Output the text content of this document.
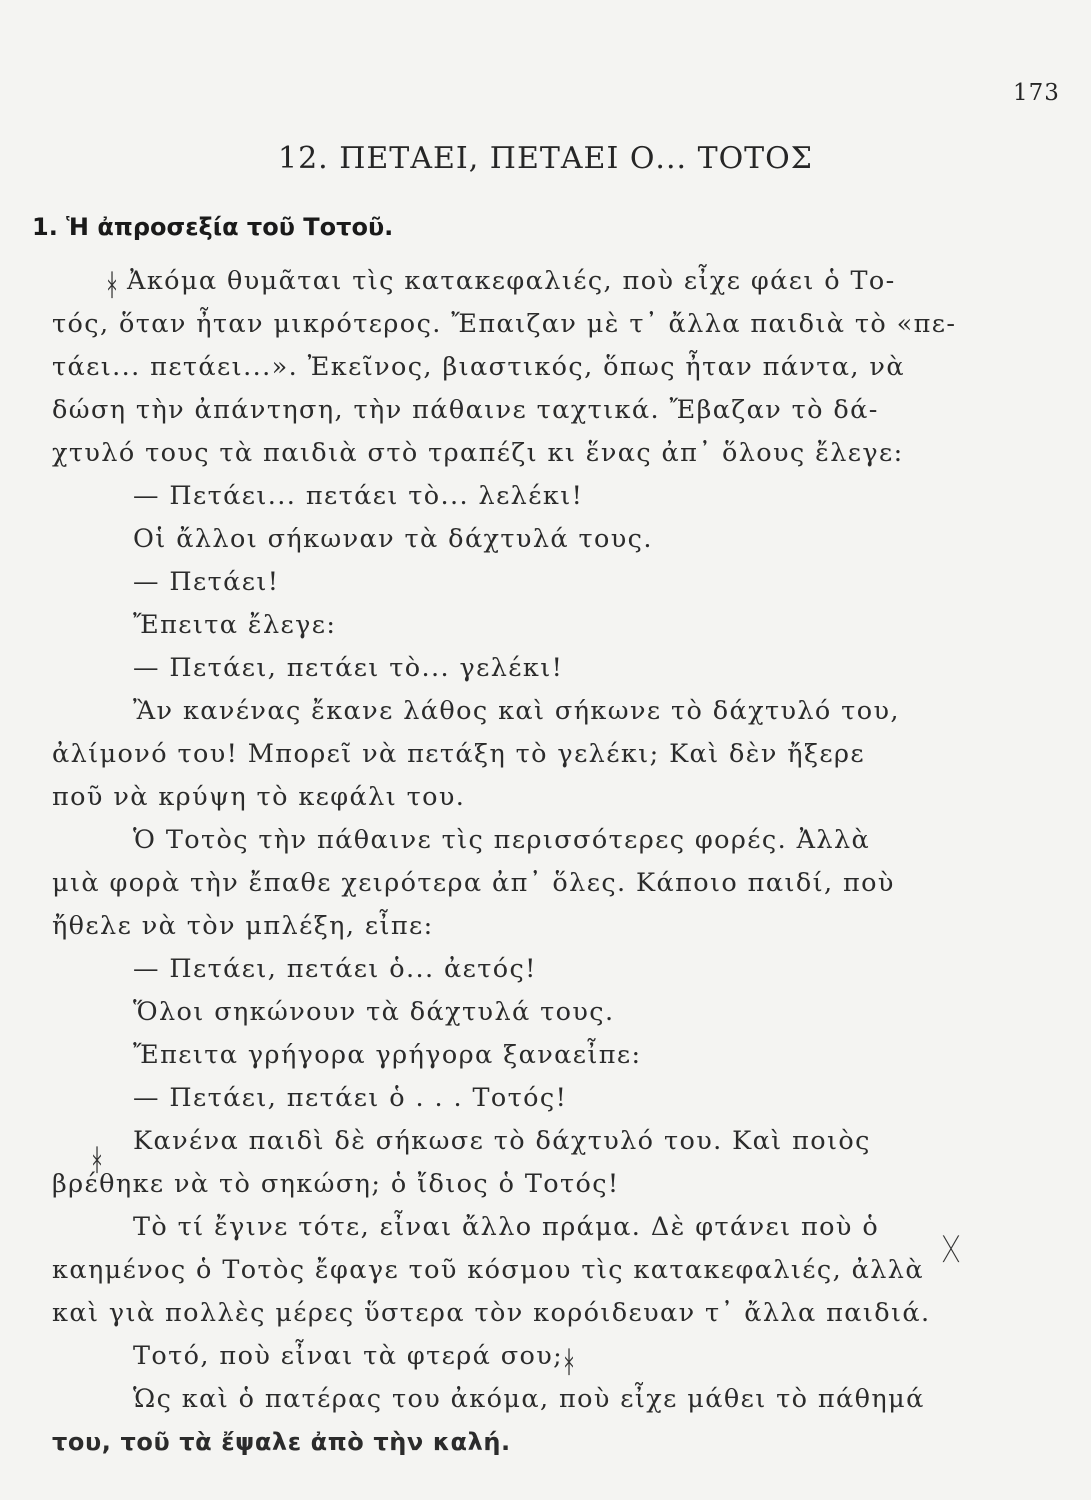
173
12. ΠΕΤΑΕΙ, ΠΕΤΑΕΙ Ο... ΤΟΤΟΣ
1. Ἡ ἀπροσεξία τοῦ Τοτοῦ.
ᚼ
ᚼ
ᚷ
ᚼ

Ἀκόμα θυμᾶται τὶς κατακεφαλιές, ποὺ εἶχε φάει ὁ Το-

τός, ὅταν ἦταν μικρότερος. Ἔπαιζαν μὲ τ᾽ ἄλλα παιδιὰ τὸ «πε-

τάει... πετάει...». Ἐκεῖνος, βιαστικός, ὅπως ἦταν πάντα, νὰ

δώση τὴν ἀπάντηση, τὴν πάθαινε ταχτικά. Ἔβαζαν τὸ δά-

χτυλό τους τὰ παιδιὰ στὸ τραπέζι κι ἕνας ἀπ᾽ ὅλους ἔλεγε:

— Πετάει... πετάει τὸ... λελέκι!

Οἱ ἄλλοι σήκωναν τὰ δάχτυλά τους.

— Πετάει!

Ἔπειτα ἔλεγε:

— Πετάει, πετάει τὸ... γελέκι!

Ἂν κανένας ἔκανε λάθος καὶ σήκωνε τὸ δάχτυλό του,

ἀλίμονό του! Μπορεῖ νὰ πετάξη τὸ γελέκι; Καὶ δὲν ἤξερε

ποῦ νὰ κρύψη τὸ κεφάλι του.

Ὁ Τοτὸς τὴν πάθαινε τὶς περισσότερες φορές. Ἀλλὰ

μιὰ φορὰ τὴν ἔπαθε χειρότερα ἀπ᾽ ὅλες. Κάποιο παιδί, ποὺ

ἤθελε νὰ τὸν μπλέξη, εἶπε:

— Πετάει, πετάει ὁ... ἀετός!

Ὅλοι σηκώνουν τὰ δάχτυλά τους.

Ἔπειτα γρήγορα γρήγορα ξαναεἶπε:

— Πετάει, πετάει ὁ . . . Τοτός!

Κανένα παιδὶ δὲ σήκωσε τὸ δάχτυλό του. Καὶ ποιὸς

βρέθηκε νὰ τὸ σηκώση; ὁ ἴδιος ὁ Τοτός!

Τὸ τί ἔγινε τότε, εἶναι ἄλλο πράμα. Δὲ φτάνει ποὺ ὁ

καημένος ὁ Τοτὸς ἔφαγε τοῦ κόσμου τὶς κατακεφαλιές, ἀλλὰ

καὶ γιὰ πολλὲς μέρες ὕστερα τὸν κορόιδευαν τ᾽ ἄλλα παιδιά.

Τοτό, ποὺ εἶναι τὰ φτερά σου;

Ὡς καὶ ὁ πατέρας του ἀκόμα, ποὺ εἶχε μάθει τὸ πάθημά

του, τοῦ τὰ ἔψαλε ἀπὸ τὴν καλή.
